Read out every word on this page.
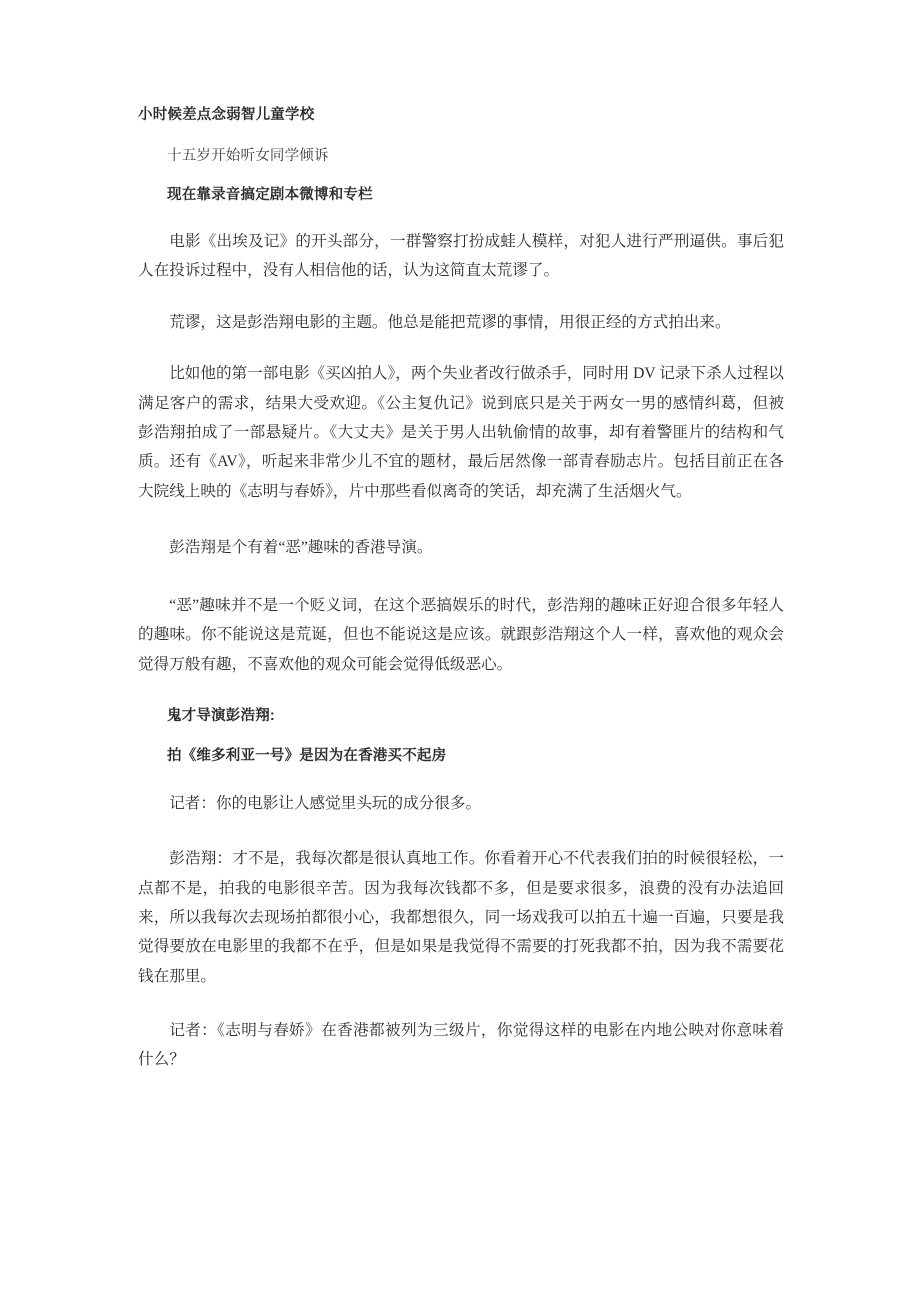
小时候差点念弱智儿童学校
十五岁开始听女同学倾诉
现在靠录音搞定剧本微博和专栏

电影《出埃及记》的开头部分，一群警察打扮成蛙人模样，对犯人进行严刑逼供。事后犯人在投诉过程中，没有人相信他的话，认为这简直太荒谬了。

荒谬，这是彭浩翔电影的主题。他总是能把荒谬的事情，用很正经的方式拍出来。

比如他的第一部电影《买凶拍人》，两个失业者改行做杀手，同时用 DV 记录下杀人过程以满足客户的需求，结果大受欢迎。《公主复仇记》说到底只是关于两女一男的感情纠葛，但被彭浩翔拍成了一部悬疑片。《大丈夫》是关于男人出轨偷情的故事，却有着警匪片的结构和气质。还有《AV》，听起来非常少儿不宜的题材，最后居然像一部青春励志片。包括目前正在各大院线上映的《志明与春娇》，片中那些看似离奇的笑话，却充满了生活烟火气。

彭浩翔是个有着“恶”趣味的香港导演。

“恶”趣味并不是一个贬义词，在这个恶搞娱乐的时代，彭浩翔的趣味正好迎合很多年轻人的趣味。你不能说这是荒诞，但也不能说这是应该。就跟彭浩翔这个人一样，喜欢他的观众会觉得万般有趣，不喜欢他的观众可能会觉得低级恶心。

鬼才导演彭浩翔:
拍《维多利亚一号》是因为在香港买不起房

记者：你的电影让人感觉里头玩的成分很多。

彭浩翔：才不是，我每次都是很认真地工作。你看着开心不代表我们拍的时候很轻松，一点都不是，拍我的电影很辛苦。因为我每次钱都不多，但是要求很多，浪费的没有办法追回来，所以我每次去现场拍都很小心，我都想很久，同一场戏我可以拍五十遍一百遍，只要是我觉得要放在电影里的我都不在乎，但是如果是我觉得不需要的打死我都不拍，因为我不需要花钱在那里。

记者：《志明与春娇》在香港都被列为三级片，你觉得这样的电影在内地公映对你意味着什么？
